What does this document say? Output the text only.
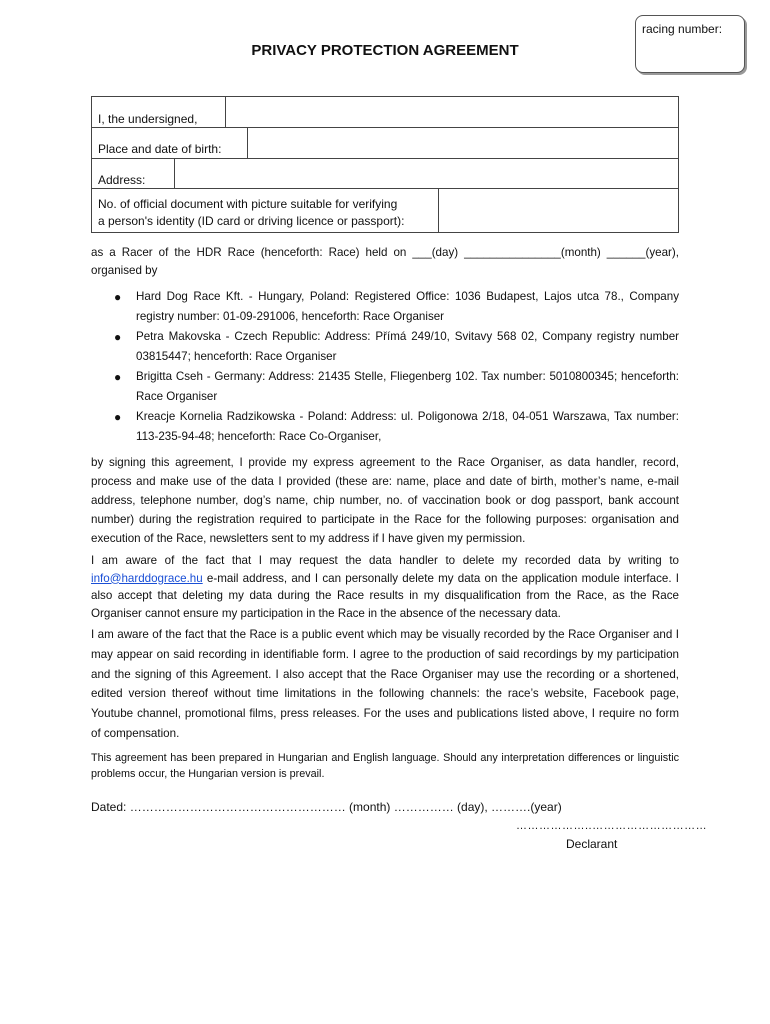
racing number:
PRIVACY PROTECTION AGREEMENT
I, the undersigned,
Place and date of birth:
Address:
No. of official document with picture suitable for verifying
a person's identity (ID card or driving licence or passport):
as a Racer of the HDR Race (henceforth: Race) held on ___(day) _______________(month) ______(year), organised by
● Hard Dog Race Kft. - Hungary, Poland: Registered Office: 1036 Budapest, Lajos utca 78., Company registry number: 01-09-291006, henceforth: Race Organiser
● Petra Makovska - Czech Republic: Address: Přímá 249/10, Svitavy 568 02, Company registry number 03815447; henceforth: Race Organiser
● Brigitta Cseh - Germany: Address: 21435 Stelle, Fliegenberg 102. Tax number: 5010800345; henceforth: Race Organiser
● Kreacje Kornelia Radzikowska - Poland: Address: ul. Poligonowa 2/18, 04-051 Warszawa, Tax number: 113-235-94-48; henceforth: Race Co-Organiser,
by signing this agreement, I provide my express agreement to the Race Organiser, as data handler, record, process and make use of the data I provided (these are: name, place and date of birth, mother’s name, e-mail address, telephone number, dog’s name, chip number, no. of vaccination book or dog passport, bank account number) during the registration required to participate in the Race for the following purposes: organisation and execution of the Race, newsletters sent to my address if I have given my permission.
I am aware of the fact that I may request the data handler to delete my recorded data by writing to info@harddograce.hu e-mail address, and I can personally delete my data on the application module interface. I also accept that deleting my data during the Race results in my disqualification from the Race, as the Race Organiser cannot ensure my participation in the Race in the absence of the necessary data.
I am aware of the fact that the Race is a public event which may be visually recorded by the Race Organiser and I may appear on said recording in identifiable form. I agree to the production of said recordings by my participation and the signing of this Agreement. I also accept that the Race Organiser may use the recording or a shortened, edited version thereof without time limitations in the following channels: the race’s website, Facebook page, Youtube channel, promotional films, press releases. For the uses and publications listed above, I require no form of compensation.
This agreement has been prepared in Hungarian and English language. Should any interpretation differences or linguistic problems occur, the Hungarian version is prevail.
Dated: ……………………………………………… (month) …………… (day), ……….(year)
………………..…………………………
Declarant
